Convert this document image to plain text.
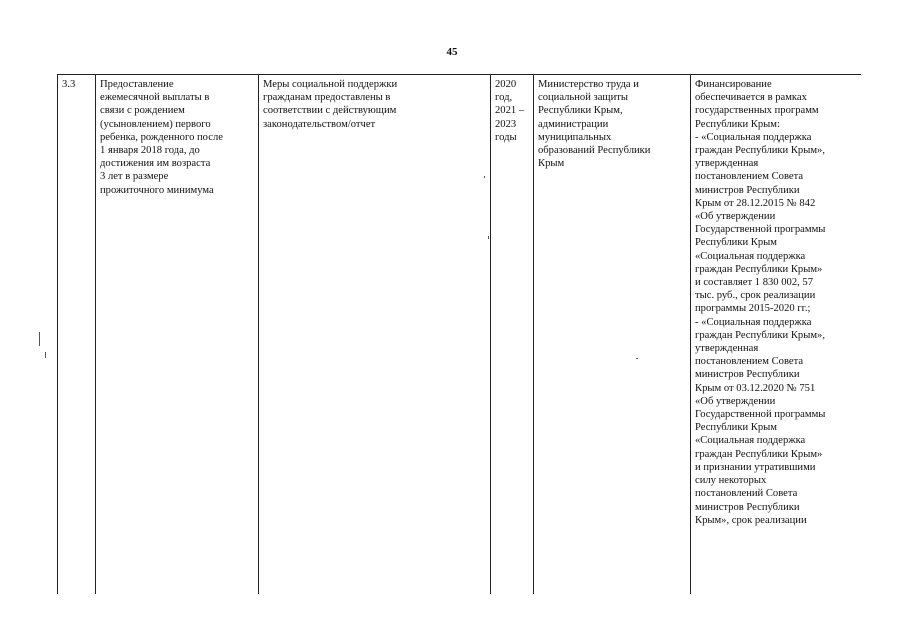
45
3.3	Предоставление
ежемесячной выплаты в
связи с рождением
(усыновлением) первого
ребенка, рожденного после
1 января 2018 года, до
достижения им возраста
3 лет в размере
прожиточного минимума
Меры социальной поддержки
гражданам предоставлены в
соответствии с действующим
законодательством/отчет
2020
год,
2021 –
2023
годы
Министерство труда и
социальной защиты
Республики Крым,
администрации
муниципальных
образований Республики
Крым
Финансирование
обеспечивается в рамках
государственных программ
Республики Крым:
- «Социальная поддержка
граждан Республики Крым»,
утвержденная
постановлением Совета
министров Республики
Крым от 28.12.2015 № 842
«Об утверждении
Государственной программы
Республики Крым
«Социальная поддержка
граждан Республики Крым»
и составляет 1 830 002, 57
тыс. руб., срок реализации
программы 2015-2020 гг.;
- «Социальная поддержка
граждан Республики Крым»,
утвержденная
постановлением Совета
министров Республики
Крым от 03.12.2020 № 751
«Об утверждении
Государственной программы
Республики Крым
«Социальная поддержка
граждан Республики Крым»
и признании утратившими
силу некоторых
постановлений Совета
министров Республики
Крым», срок реализации
